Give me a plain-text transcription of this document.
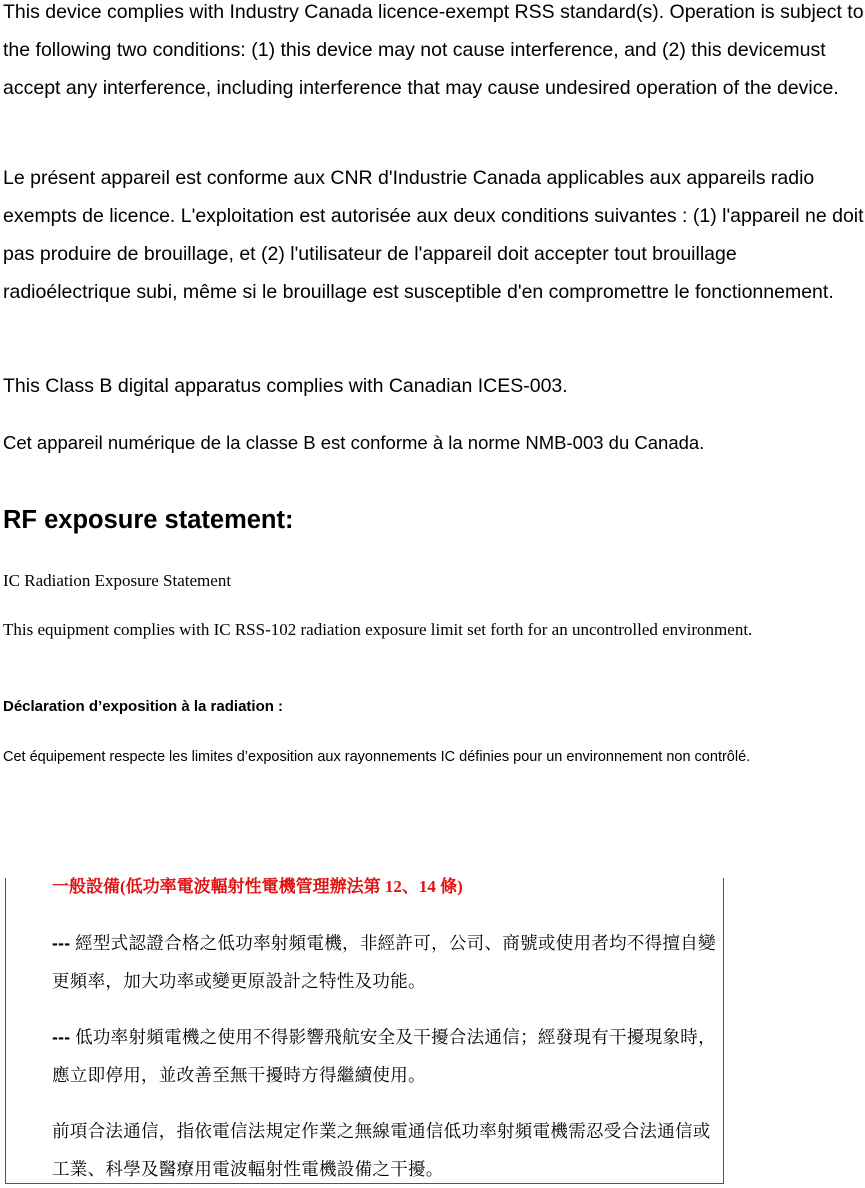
This device complies with Industry Canada licence-exempt RSS standard(s). Operation is subject to the following two conditions: (1) this device may not cause interference, and (2) this devicemust accept any interference, including interference that may cause undesired operation of the device.

Le présent appareil est conforme aux CNR d'Industrie Canada applicables aux appareils radio exempts de licence. L'exploitation est autorisée aux deux conditions suivantes : (1) l'appareil ne doit pas produire de brouillage, et (2) l'utilisateur de l'appareil doit accepter tout brouillage radioélectrique subi, même si le brouillage est susceptible d'en compromettre le fonctionnement.

This Class B digital apparatus complies with Canadian ICES-003.

Cet appareil numérique de la classe B est conforme à la norme NMB-003 du Canada.

RF exposure statement:

IC Radiation Exposure Statement

This equipment complies with IC RSS-102 radiation exposure limit set forth for an uncontrolled environment.

Déclaration d’exposition à la radiation :

Cet équipement respecte les limites d’exposition aux rayonnements IC définies pour un environnement non contrôlé.

一般設備(低功率電波輻射性電機管理辦法第 12、14 條)

--- 經型式認證合格之低功率射頻電機，非經許可，公司、商號或使用者均不得擅自變更頻率，加大功率或變更原設計之特性及功能。

--- 低功率射頻電機之使用不得影響飛航安全及干擾合法通信；經發現有干擾現象時，應立即停用，並改善至無干擾時方得繼續使用。

前項合法通信，指依電信法規定作業之無線電通信低功率射頻電機需忍受合法通信或工業、科學及醫療用電波輻射性電機設備之干擾。
